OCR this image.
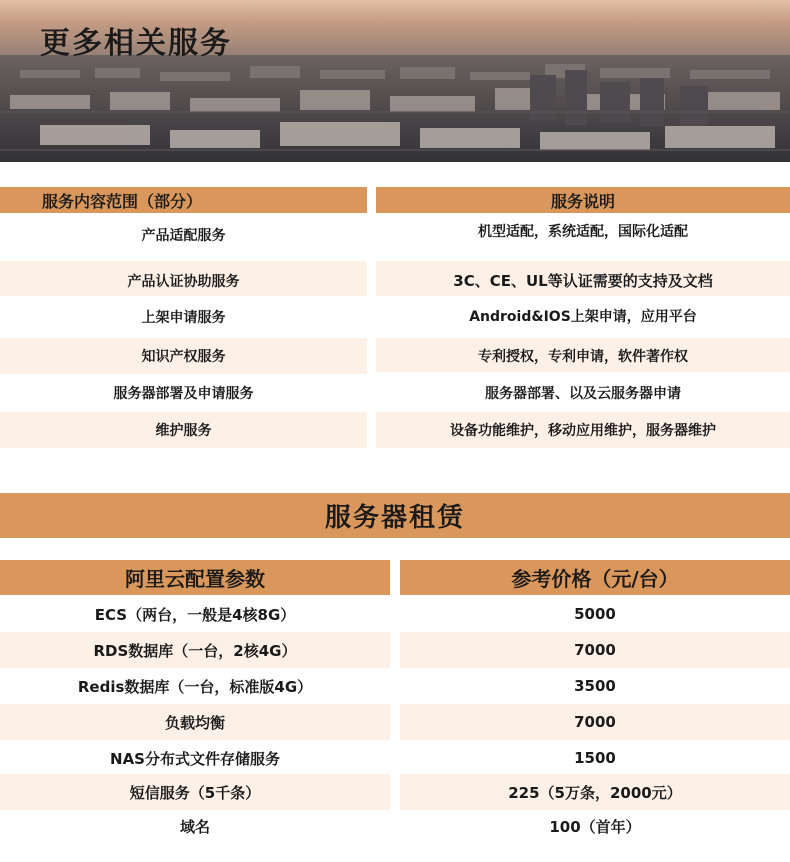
更多相关服务
服务内容范围（部分）	服务说明
产品适配服务	机型适配，系统适配，国际化适配
产品认证协助服务	3C、CE、UL等认证需要的支持及文档
上架申请服务	Android&IOS上架申请，应用平台
知识产权服务	专利授权，专利申请，软件著作权
服务器部署及申请服务	服务器部署、以及云服务器申请
维护服务	设备功能维护，移动应用维护，服务器维护
服务器租赁
阿里云配置参数	参考价格（元/台）
ECS（两台，一般是4核8G）	5000
RDS数据库（一台，2核4G）	7000
Redis数据库（一台，标准版4G）	3500
负载均衡	7000
NAS分布式文件存储服务	1500
短信服务（5千条）	225（5万条，2000元）
域名	100（首年）
